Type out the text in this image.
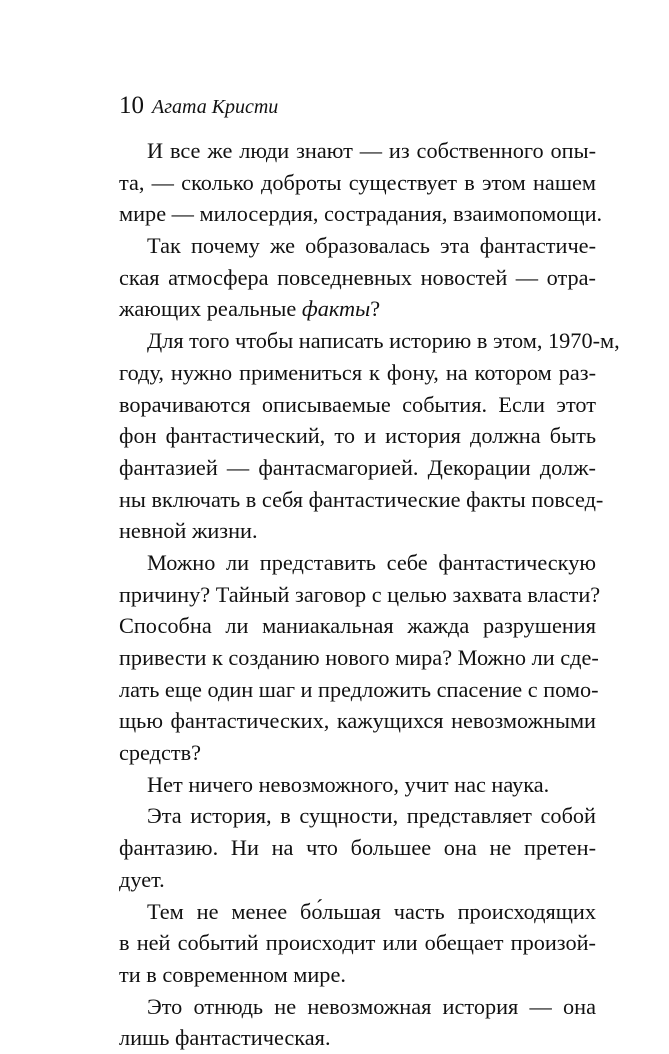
10 Агата Кристи
И все же люди знают — из собственного опы-
та, — сколько доброты существует в этом нашем
мире — милосердия, сострадания, взаимопомощи.
Так почему же образовалась эта фантастиче-
ская атмосфера повседневных новостей — отра-
жающих реальные факты?
Для того чтобы написать историю в этом, 1970-м,
году, нужно примениться к фону, на котором раз-
ворачиваются описываемые события. Если этот
фон фантастический, то и история должна быть
фантазией — фантасмагорией. Декорации долж-
ны включать в себя фантастические факты повсед-
невной жизни.
Можно ли представить себе фантастическую
причину? Тайный заговор с целью захвата власти?
Способна ли маниакальная жажда разрушения
привести к созданию нового мира? Можно ли сде-
лать еще один шаг и предложить спасение с помо-
щью фантастических, кажущихся невозможными
средств?
Нет ничего невозможного, учит нас наука.
Эта история, в сущности, представляет собой
фантазию. Ни на что большее она не претен-
дует.
Тем не менее бо́льшая часть происходящих
в ней событий происходит или обещает произой-
ти в современном мире.
Это отнюдь не невозможная история — она
лишь фантастическая.
